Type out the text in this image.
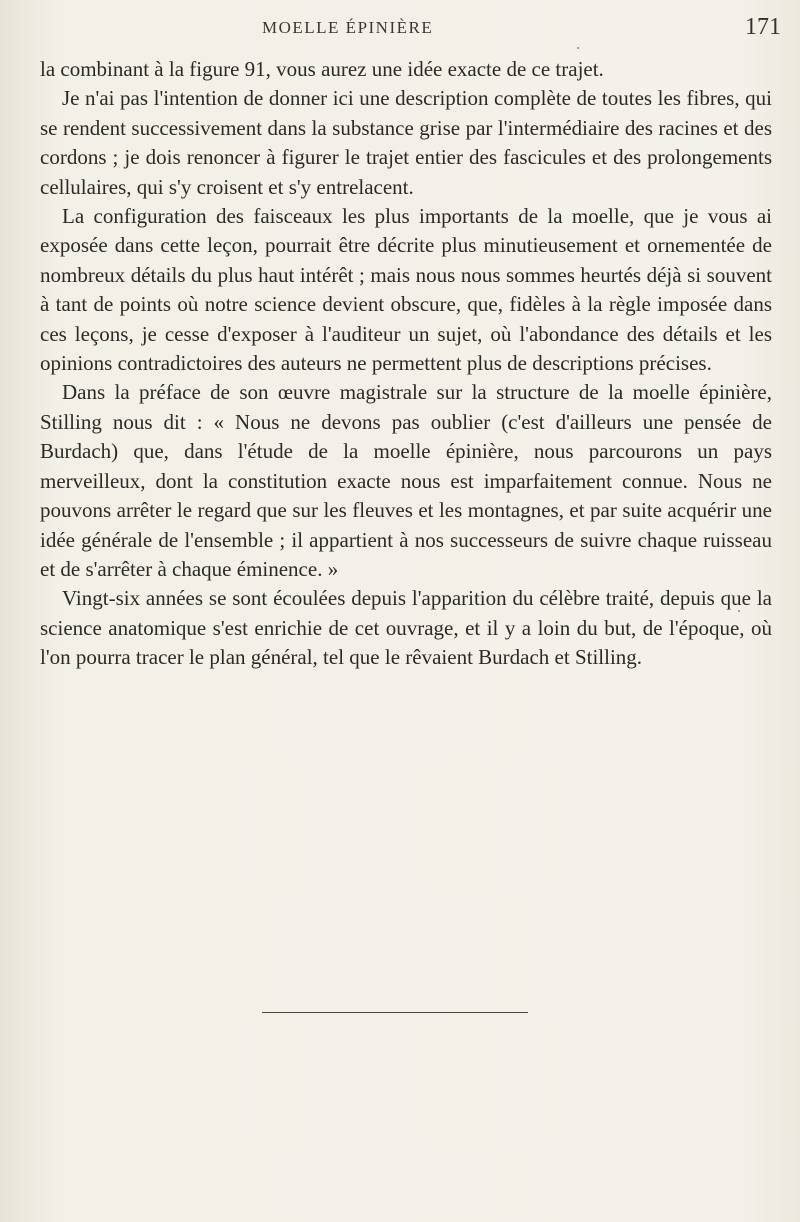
MOELLE ÉPINIÈRE	171

la combinant à la figure 91, vous aurez une idée exacte de ce trajet.

Je n'ai pas l'intention de donner ici une description complète de toutes les fibres, qui se rendent successivement dans la substance grise par l'intermédiaire des racines et des cordons ; je dois renoncer à figurer le trajet entier des fascicules et des prolongements cellulaires, qui s'y croisent et s'y entrelacent.

La configuration des faisceaux les plus importants de la moelle, que je vous ai exposée dans cette leçon, pourrait être décrite plus minutieusement et ornementée de nombreux détails du plus haut intérêt ; mais nous nous sommes heurtés déjà si souvent à tant de points où notre science devient obscure, que, fidèles à la règle imposée dans ces leçons, je cesse d'exposer à l'auditeur un sujet, où l'abondance des détails et les opinions contradictoires des auteurs ne permettent plus de descriptions précises.

Dans la préface de son œuvre magistrale sur la structure de la moelle épinière, Stilling nous dit : « Nous ne devons pas oublier (c'est d'ailleurs une pensée de Burdach) que, dans l'étude de la moelle épinière, nous parcourons un pays merveilleux, dont la constitution exacte nous est imparfaitement connue. Nous ne pouvons arrêter le regard que sur les fleuves et les montagnes, et par suite acquérir une idée générale de l'ensemble ; il appartient à nos successeurs de suivre chaque ruisseau et de s'arrêter à chaque éminence. »

Vingt-six années se sont écoulées depuis l'apparition du célèbre traité, depuis que la science anatomique s'est enrichie de cet ouvrage, et il y a loin du but, de l'époque, où l'on pourra tracer le plan général, tel que le rêvaient Burdach et Stilling.
